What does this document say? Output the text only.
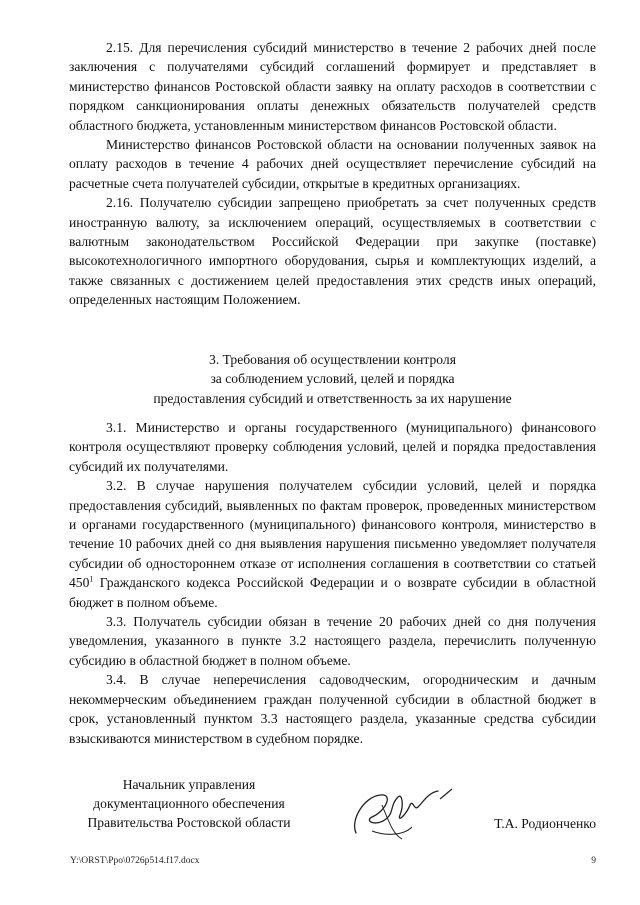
2.15. Для перечисления субсидий министерство в течение 2 рабочих дней после заключения с получателями субсидий соглашений формирует и представляет в министерство финансов Ростовской области заявку на оплату расходов в соответствии с порядком санкционирования оплаты денежных обязательств получателей средств областного бюджета, установленным министерством финансов Ростовской области.

Министерство финансов Ростовской области на основании полученных заявок на оплату расходов в течение 4 рабочих дней осуществляет перечисление субсидий на расчетные счета получателей субсидии, открытые в кредитных организациях.

2.16. Получателю субсидии запрещено приобретать за счет полученных средств иностранную валюту, за исключением операций, осуществляемых в соответствии с валютным законодательством Российской Федерации при закупке (поставке) высокотехнологичного импортного оборудования, сырья и комплектующих изделий, а также связанных с достижением целей предоставления этих средств иных операций, определенных настоящим Положением.

3. Требования об осуществлении контроля
за соблюдением условий, целей и порядка
предоставления субсидий и ответственность за их нарушение

3.1. Министерство и органы государственного (муниципального) финансового контроля осуществляют проверку соблюдения условий, целей и порядка предоставления субсидий их получателями.

3.2. В случае нарушения получателем субсидии условий, целей и порядка предоставления субсидий, выявленных по фактам проверок, проведенных министерством и органами государственного (муниципального) финансового контроля, министерство в течение 10 рабочих дней со дня выявления нарушения письменно уведомляет получателя субсидии об одностороннем отказе от исполнения соглашения в соответствии со статьей $450^1$ Гражданского кодекса Российской Федерации и о возврате субсидии в областной бюджет в полном объеме.

3.3. Получатель субсидии обязан в течение 20 рабочих дней со дня получения уведомления, указанного в пункте 3.2 настоящего раздела, перечислить полученную субсидию в областной бюджет в полном объеме.

3.4. В случае неперечисления садоводческим, огородническим и дачным некоммерческим объединением граждан полученной субсидии в областной бюджет в срок, установленный пунктом 3.3 настоящего раздела, указанные средства субсидии взыскиваются министерством в судебном порядке.

Начальник управления
документационного обеспечения
Правительства Ростовской области	Т.А. Родионченко
Y:\ORST\Ppo\0726p514.f17.docx	9
